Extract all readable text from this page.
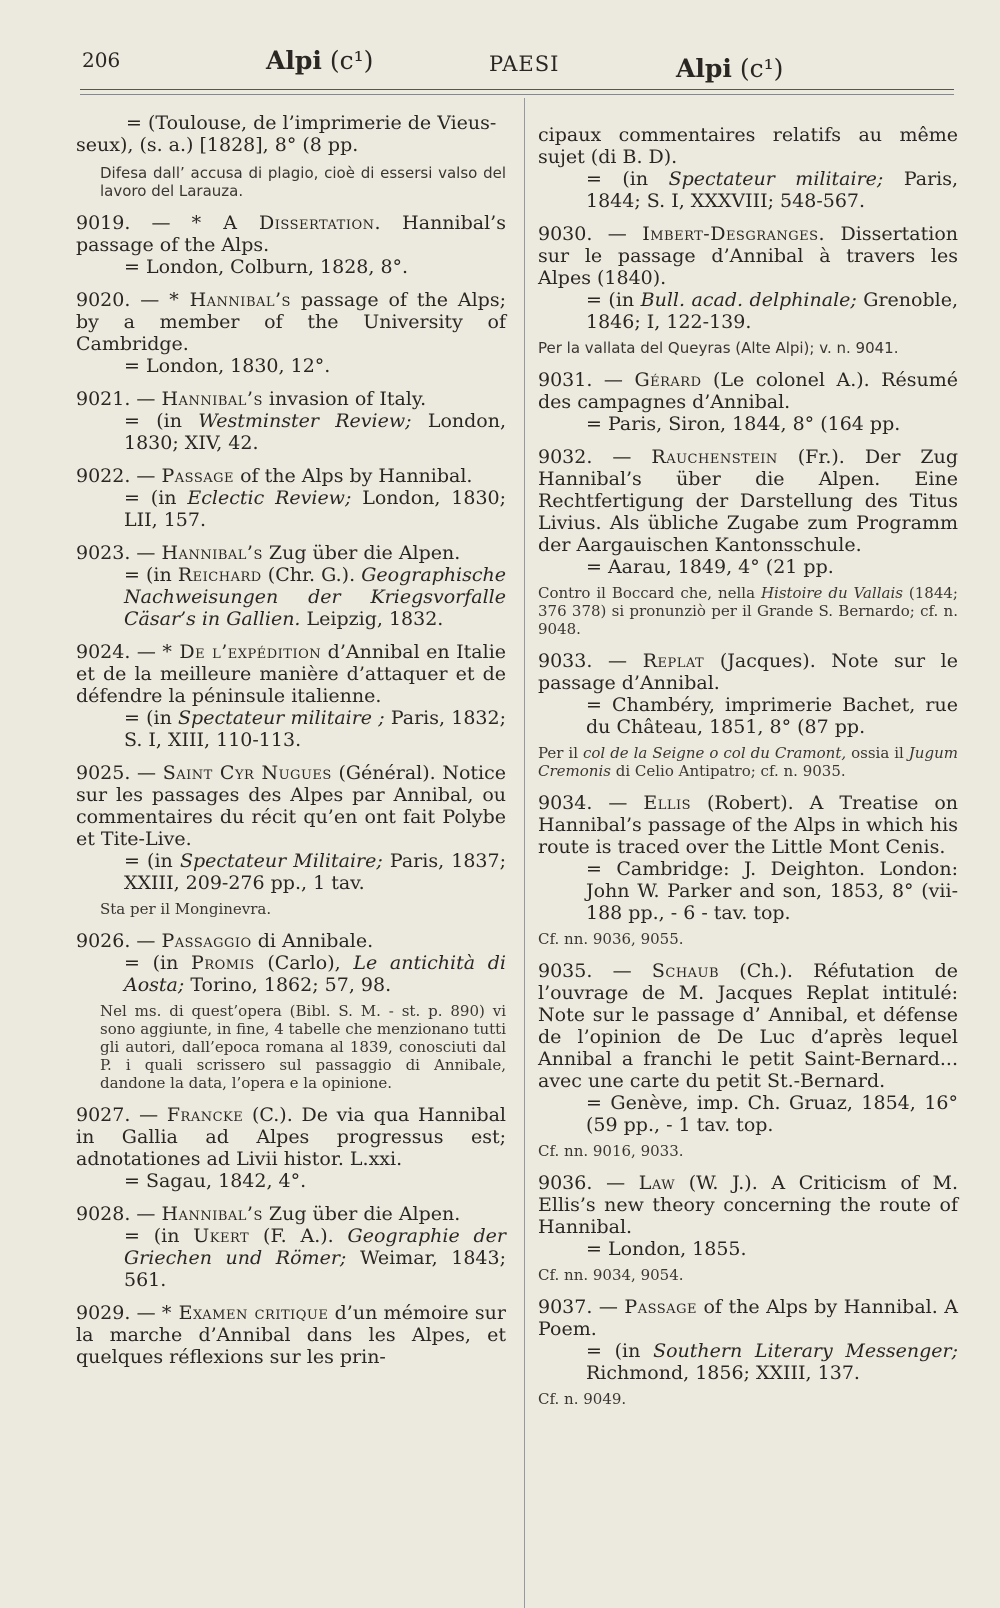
206	Alpi (c¹)	PAESI	Alpi (c¹)
= (Toulouse, de l’imprimerie de Vieus-
seux), (s. a.) [1828], 8° (8 pp.
Difesa dall’ accusa di plagio, cioè di essersi valso del lavoro del Larauza.
9019. — * A Dissertation. Hannibal’s passage of the Alps.
= London, Colburn, 1828, 8°.
9020. — * Hannibal’s passage of the Alps; by a member of the University of Cambridge.
= London, 1830, 12°.
9021. — Hannibal’s invasion of Italy.
= (in Westminster Review; London, 1830; XIV, 42.
9022. — Passage of the Alps by Hannibal.
= (in Eclectic Review; London, 1830; LII, 157.
9023. — Hannibal’s Zug über die Alpen.
= (in Reichard (Chr. G.). Geographische Nachweisungen der Kriegsvorfalle Cäsar’s in Gallien. Leipzig, 1832.
9024. — * De l’expédition d’Annibal en Italie et de la meilleure manière d’attaquer et de défendre la péninsule italienne.
= (in Spectateur militaire ; Paris, 1832; S. I, XIII, 110-113.
9025. — Saint Cyr Nugues (Général). Notice sur les passages des Alpes par Annibal, ou commentaires du récit qu’en ont fait Polybe et Tite-Live.
= (in Spectateur Militaire; Paris, 1837; XXIII, 209-276 pp., 1 tav.
Sta per il Monginevra.
9026. — Passaggio di Annibale.
= (in Promis (Carlo), Le antichità di Aosta; Torino, 1862; 57, 98.
Nel ms. di quest’opera (Bibl. S. M. - st. p. 890) vi sono aggiunte, in fine, 4 tabelle che menzionano tutti gli autori, dall’epoca romana al 1839, conosciuti dal P. i quali scrissero sul passaggio di Annibale, dandone la data, l’opera e la opinione.
9027. — Francke (C.). De via qua Hannibal in Gallia ad Alpes progressus est; adnotationes ad Livii histor. L.xxi.
= Sagau, 1842, 4°.
9028. — Hannibal’s Zug über die Alpen.
= (in Ukert (F. A.). Geographie der Griechen und Römer; Weimar, 1843; 561.
9029. — * Examen critique d’un mémoire sur la marche d’Annibal dans les Alpes, et quelques réflexions sur les prin-
cipaux commentaires relatifs au même sujet (di B. D).
= (in Spectateur militaire; Paris, 1844; S. I, XXXVIII; 548-567.
9030. — Imbert-Desgranges. Dissertation sur le passage d’Annibal à travers les Alpes (1840).
= (in Bull. acad. delphinale; Grenoble, 1846; I, 122-139.
Per la vallata del Queyras (Alte Alpi); v. n. 9041.
9031. — Gérard (Le colonel A.). Résumé des campagnes d’Annibal.
= Paris, Siron, 1844, 8° (164 pp.
9032. — Rauchenstein (Fr.). Der Zug Hannibal’s über die Alpen. Eine Rechtfertigung der Darstellung des Titus Livius. Als übliche Zugabe zum Programm der Aargauischen Kantonsschule.
= Aarau, 1849, 4° (21 pp.
Contro il Boccard che, nella Histoire du Vallais (1844; 376 378) si pronunziò per il Grande S. Bernardo; cf. n. 9048.
9033. — Replat (Jacques). Note sur le passage d’Annibal.
= Chambéry, imprimerie Bachet, rue du Château, 1851, 8° (87 pp.
Per il col de la Seigne o col du Cramont, ossia il Jugum Cremonis di Celio Antipatro; cf. n. 9035.
9034. — Ellis (Robert). A Treatise on Hannibal’s passage of the Alps in which his route is traced over the Little Mont Cenis.
= Cambridge: J. Deighton. London: John W. Parker and son, 1853, 8° (vii-188 pp., - 6 - tav. top.
Cf. nn. 9036, 9055.
9035. — Schaub (Ch.). Réfutation de l’ouvrage de M. Jacques Replat intitulé: Note sur le passage d’ Annibal, et défense de l’opinion de De Luc d’après lequel Annibal a franchi le petit Saint-Bernard... avec une carte du petit St.-Bernard.
= Genève, imp. Ch. Gruaz, 1854, 16° (59 pp., - 1 tav. top.
Cf. nn. 9016, 9033.
9036. — Law (W. J.). A Criticism of M. Ellis’s new theory concerning the route of Hannibal.
= London, 1855.
Cf. nn. 9034, 9054.
9037. — Passage of the Alps by Hannibal. A Poem.
= (in Southern Literary Messenger; Richmond, 1856; XXIII, 137.
Cf. n. 9049.
